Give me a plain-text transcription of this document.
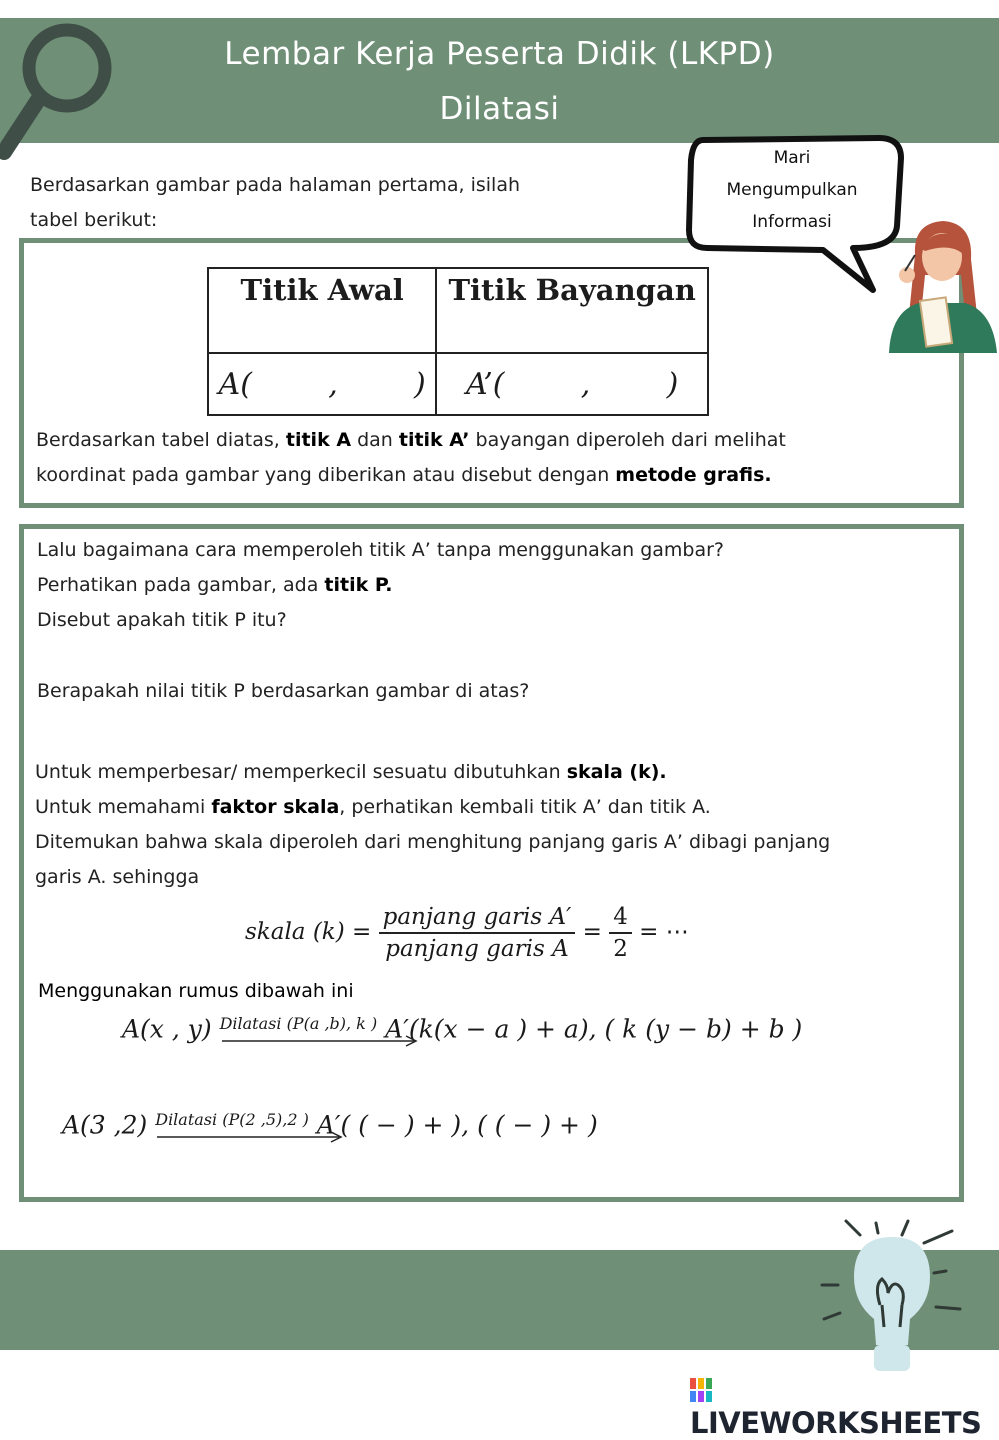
Lembar Kerja Peserta Didik (LKPD)
Dilatasi
Berdasarkan gambar pada halaman pertama, isilah
tabel berikut:
Titik Awal	Titik Bayangan
A(        ,        )	A’(        ,        )
Berdasarkan tabel diatas, titik A dan titik A’ bayangan diperoleh dari melihat
koordinat pada gambar yang diberikan atau disebut dengan metode grafis.
Mari
Mengumpulkan
Informasi
Lalu bagaimana cara memperoleh titik A’ tanpa menggunakan gambar?
Perhatikan pada gambar, ada titik P.
Disebut apakah titik P itu?
Berapakah nilai titik P berdasarkan gambar di atas?
Untuk memperbesar/ memperkecil sesuatu dibutuhkan skala (k).
Untuk memahami faktor skala, perhatikan kembali titik A’ dan titik A.
Ditemukan bahwa skala diperoleh dari menghitung panjang garis A’ dibagi panjang
garis A. sehingga
skala $(k) = \frac{\text{panjang garis A′}}{\text{panjang garis A}} = \frac{4}{2}$ = ⋯
Menggunakan rumus dibawah ini
A(x , y) Dilatasi (P(a ,b), k ) A′(k(x − a ) + a), ( k (y − b) + b )
A(3 ,2) Dilatasi (P(2 ,5),2 ) A′( ( − ) + ), ( ( − ) + )
LIVEWORKSHEETS
